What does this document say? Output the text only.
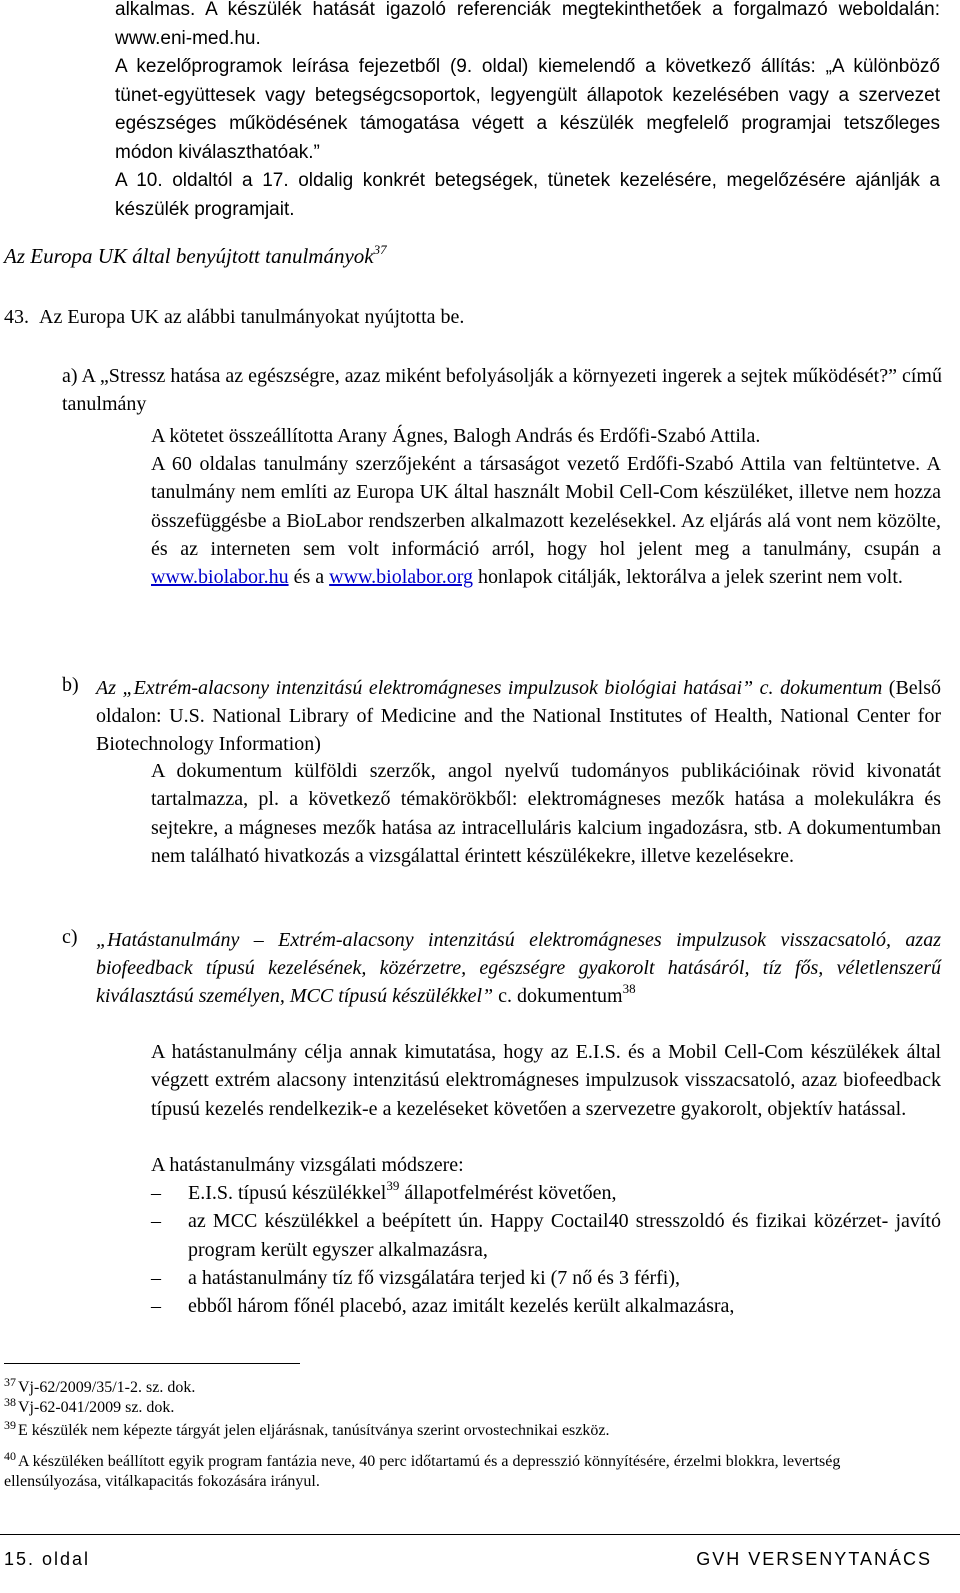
alkalmas. A készülék hatását igazoló referenciák megtekinthetőek a forgalmazó weboldalán: www.eni-med.hu.

A kezelőprogramok leírása fejezetből (9. oldal) kiemelendő a következő állítás: „A különböző tünet-együttesek vagy betegségcsoportok, legyengült állapotok kezelésében vagy a szervezet egészséges működésének támogatása végett a készülék megfelelő programjai tetszőleges módon kiválaszthatóak.”

A 10. oldaltól a 17. oldalig konkrét betegségek, tünetek kezelésére, megelőzésére ajánlják a készülék programjait.

Az Europa UK által benyújtott tanulmányok$^{37}$
43. Az Europa UK az alábbi tanulmányokat nyújtotta be.
a) A „Stressz hatása az egészségre, azaz miként befolyásolják a környezeti ingerek a sejtek működését?” című tanulmány
A kötetet összeállította Arany Ágnes, Balogh András és Erdőfi-Szabó Attila.
A 60 oldalas tanulmány szerzőjeként a társaságot vezető Erdőfi-Szabó Attila van feltüntetve. A tanulmány nem említi az Europa UK által használt Mobil Cell-Com készüléket, illetve nem hozza összefüggésbe a BioLabor rendszerben alkalmazott kezelésekkel. Az eljárás alá vont nem közölte, és az interneten sem volt információ arról, hogy hol jelent meg a tanulmány, csupán a www.biolabor.hu és a www.biolabor.org honlapok citálják, lektorálva a jelek szerint nem volt.
b) Az „Extrém-alacsony intenzitású elektromágneses impulzusok biológiai hatásai” c. dokumentum (Belső oldalon: U.S. National Library of Medicine and the National Institutes of Health, National Center for Biotechnology Information)
A dokumentum külföldi szerzők, angol nyelvű tudományos publikációinak rövid kivonatát tartalmazza, pl. a következő témakörökből: elektromágneses mezők hatása a molekulákra és sejtekre, a mágneses mezők hatása az intracelluláris kalcium ingadozásra, stb. A dokumentumban nem található hivatkozás a vizsgálattal érintett készülékekre, illetve kezelésekre.
c) „Hatástanulmány – Extrém-alacsony intenzitású elektromágneses impulzusok visszacsatoló, azaz biofeedback típusú kezelésének, közérzetre, egészségre gyakorolt hatásáról, tíz fős, véletlenszerű kiválasztású személyen, MCC típusú készülékkel” c. dokumentum$^{38}$
A hatástanulmány célja annak kimutatása, hogy az E.I.S. és a Mobil Cell-Com készülékek által végzett extrém alacsony intenzitású elektromágneses impulzusok visszacsatoló, azaz biofeedback típusú kezelés rendelkezik-e a kezeléseket követően a szervezetre gyakorolt, objektív hatással.
A hatástanulmány vizsgálati módszere:
– E.I.S. típusú készülékkel$^{39}$ állapotfelmérést követően,
– az MCC készülékkel a beépített ún. Happy Coctail40 stresszoldó és fizikai közérzet- javító program került egyszer alkalmazásra,
– a hatástanulmány tíz fő vizsgálatára terjed ki (7 nő és 3 férfi),
– ebből három főnél placebó, azaz imitált kezelés került alkalmazásra,
$^{37}$ Vj-62/2009/35/1-2. sz. dok.
$^{38}$ Vj-62-041/2009 sz. dok.
$^{39}$ E készülék nem képezte tárgyát jelen eljárásnak, tanúsítványa szerint orvostechnikai eszköz.
$^{40}$ A készüléken beállított egyik program fantázia neve, 40 perc időtartamú és a depresszió könnyítésére, érzelmi blokkra, levertség ellensúlyozása, vitálkapacitás fokozására irányul.
15. oldal	GVH VERSENYTANÁCS
